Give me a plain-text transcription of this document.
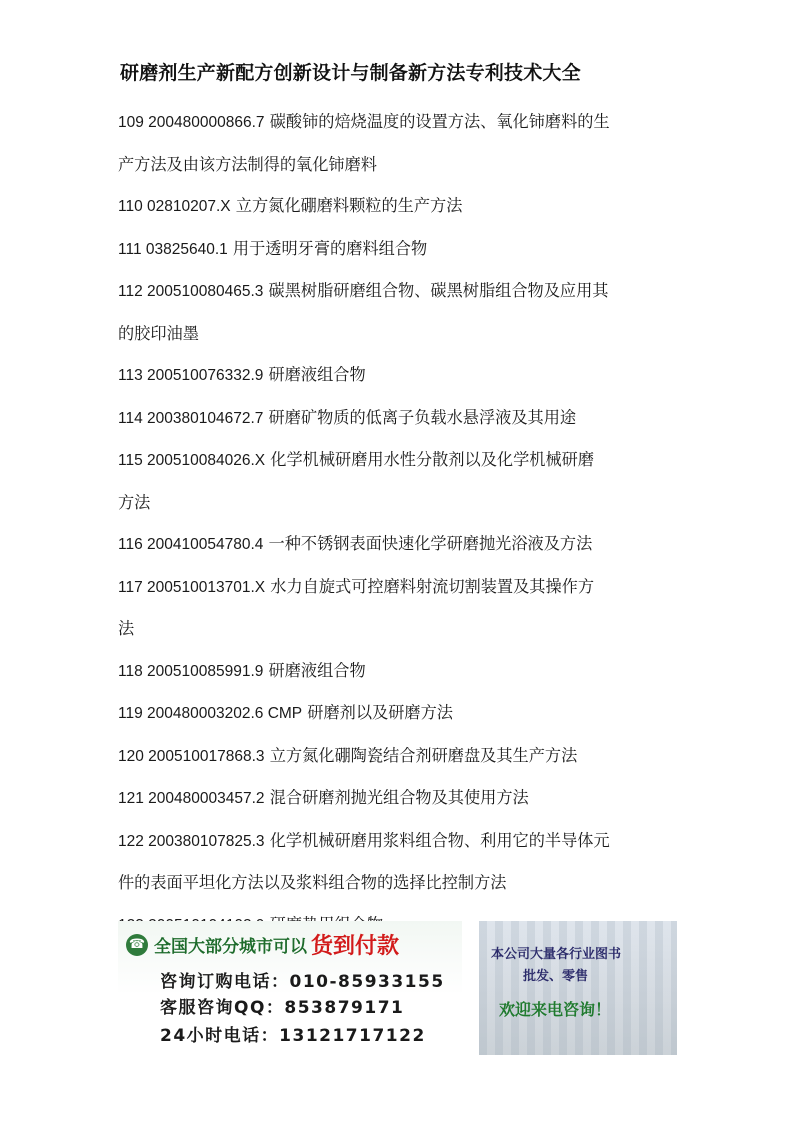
研磨剂生产新配方创新设计与制备新方法专利技术大全

109 200480000866.7 碳酸铈的焙烧温度的设置方法、氧化铈磨料的生

产方法及由该方法制得的氧化铈磨料

110 02810207.X 立方氮化硼磨料颗粒的生产方法

111 03825640.1 用于透明牙膏的磨料组合物

112 200510080465.3 碳黑树脂研磨组合物、碳黑树脂组合物及应用其

的胶印油墨

113 200510076332.9 研磨液组合物

114 200380104672.7 研磨矿物质的低离子负载水悬浮液及其用途

115 200510084026.X 化学机械研磨用水性分散剂以及化学机械研磨

方法

116 200410054780.4 一种不锈钢表面快速化学研磨抛光浴液及方法

117 200510013701.X 水力自旋式可控磨料射流切割装置及其操作方

法

118 200510085991.9 研磨液组合物

119 200480003202.6 CMP 研磨剂以及研磨方法

120 200510017868.3 立方氮化硼陶瓷结合剂研磨盘及其生产方法

121 200480003457.2 混合研磨剂抛光组合物及其使用方法

122 200380107825.3 化学机械研磨用浆料组合物、利用它的半导体元

件的表面平坦化方法以及浆料组合物的选择比控制方法

☎ 全国大部分城市可以 货到付款
咨询订购电话：010-85933155
客服咨询QQ：853879171
24小时电话：13121717122
本公司大量各行业图书
批发、零售
欢迎来电咨询！
